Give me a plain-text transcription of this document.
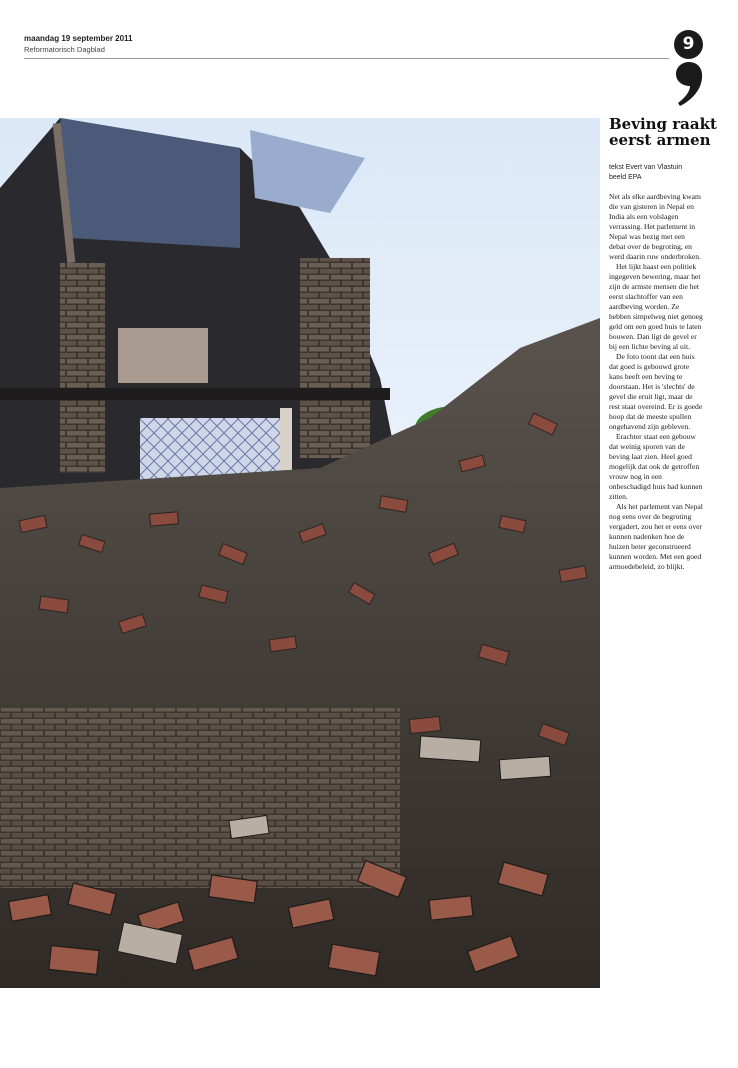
maandag 19 september 2011
Reformatorisch Dagblad	9
Beving raakt eerst armen
tekst Evert van Vlastuin
beeld EPA

Net als elke aardbeving kwam die van gisteren in Nepal en India als een volslagen verrassing. Het parlement in Nepal was bezig met een debat over de begroting, en werd daarin ruw onderbroken.

Het lijkt haast een politiek ingegeven bewering, maar het zijn de armste mensen die het eerst slachtoffer van een aardbeving worden. Ze hebben simpelweg niet genoeg geld om een goed huis te laten bouwen. Dan ligt de gevel er bij een lichte beving al uit.

De foto toont dat een huis dat goed is gebouwd grote kans heeft een beving te doorstaan. Het is 'slechts' de gevel die eruit ligt, maar de rest staat overeind. Er is goede hoop dat de meeste spullen ongehavend zijn gebleven.

Erachter staat een gebouw dat weinig sporen van de beving laat zien. Heel goed mogelijk dat ook de getroffen vrouw nog in een onbeschadigd huis had kunnen zitten.

Als het parlement van Nepal nog eens over de begroting vergadert, zou het er eens over kunnen nadenken hoe de huizen beter geconstrueerd kunnen worden. Met een goed armoedebeleid, zo blijkt.
